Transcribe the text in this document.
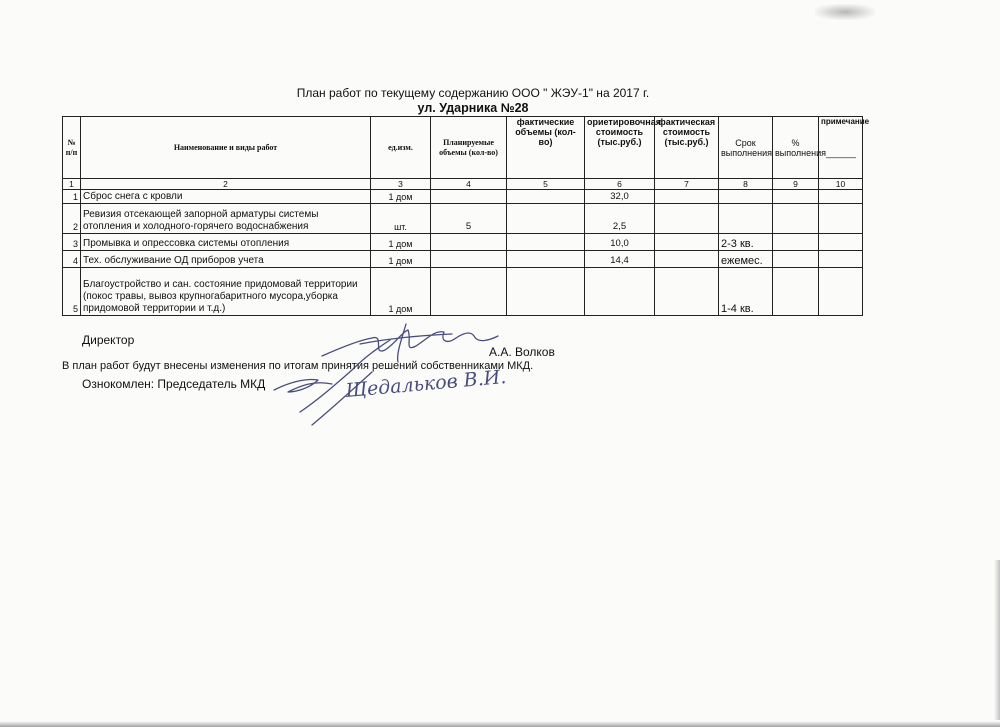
План работ по текущему содержанию ООО " ЖЭУ-1" на 2017 г.
ул. Ударника №28
№ п/п	Наименование и виды работ	ед.изм.	Планируемые объемы (кол-во)	фактические объемы (кол-во)	ориетировочная стоимость (тыс.руб.)	фактическая стоимость (тыс.руб.)	Срок выполнения	% выполнения______	примечание
1	2	3	4	5	6	7	8	9	10
1	Сброс снега с кровли	1 дом			32,0				
2	Ревизия отсекающей запорной арматуры системы отопления и холодного-горячего водоснабжения	шт.	5		2,5				
3	Промывка и опрессовка системы отопления	1 дом			10,0		2-3 кв.		
4	Тех. обслуживание ОД приборов учета	1 дом			14,4		ежемес.		
5	Благоустройство и сан. состояние придомовай территории (покос травы, вывоз крупногабаритного мусора,уборка придомовой территории и т.д.)	1 дом					1-4 кв.		
Директор
А.А. Волков
В план работ будут внесены изменения по итогам принятия решений собственниками МКД.
Ознокомлен: Председатель МКД	Щедальков В.И.
